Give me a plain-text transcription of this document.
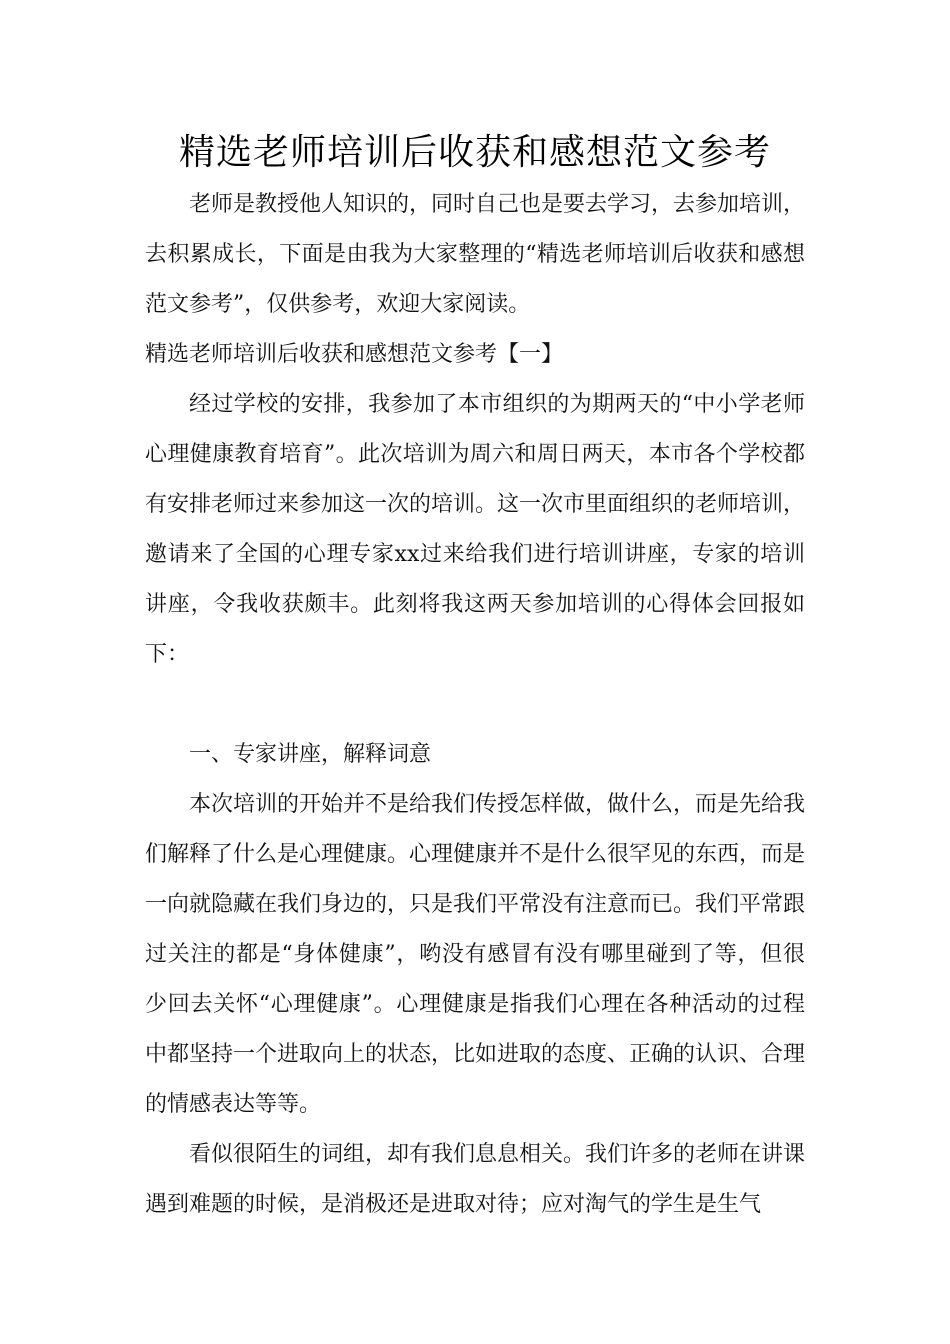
精选老师培训后收获和感想范文参考

老师是教授他人知识的，同时自己也是要去学习，去参加培训，去积累成长，下面是由我为大家整理的“精选老师培训后收获和感想范文参考”，仅供参考，欢迎大家阅读。

精选老师培训后收获和感想范文参考【一】

经过学校的安排，我参加了本市组织的为期两天的“中小学老师心理健康教育培育”。此次培训为周六和周日两天，本市各个学校都有安排老师过来参加这一次的培训。这一次市里面组织的老师培训，邀请来了全国的心理专家xx过来给我们进行培训讲座，专家的培训讲座，令我收获颇丰。此刻将我这两天参加培训的心得体会回报如下：

一、专家讲座，解释词意

本次培训的开始并不是给我们传授怎样做，做什么，而是先给我们解释了什么是心理健康。心理健康并不是什么很罕见的东西，而是一向就隐藏在我们身边的，只是我们平常没有注意而已。我们平常跟过关注的都是“身体健康”，哟没有感冒有没有哪里碰到了等，但很少回去关怀“心理健康”。心理健康是指我们心理在各种活动的过程中都坚持一个进取向上的状态，比如进取的态度、正确的认识、合理的情感表达等等。

看似很陌生的词组，却有我们息息相关。我们许多的老师在讲课遇到难题的时候，是消极还是进取对待；应对淘气的学生是生气
